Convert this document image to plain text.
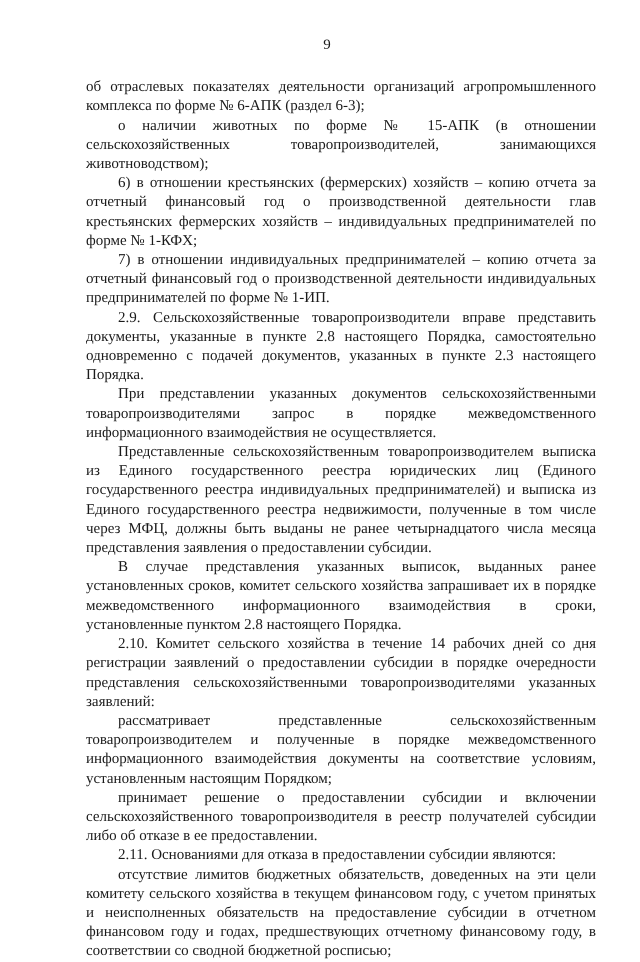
9

об отраслевых показателях деятельности организаций агропромышленного комплекса по форме № 6-АПК (раздел 6-3);

о наличии животных по форме № 15-АПК (в отношении сельскохозяйственных товаропроизводителей, занимающихся животноводством);

6) в отношении крестьянских (фермерских) хозяйств – копию отчета за отчетный финансовый год о производственной деятельности глав крестьянских фермерских хозяйств – индивидуальных предпринимателей по форме № 1-КФХ;

7) в отношении индивидуальных предпринимателей – копию отчета за отчетный финансовый год о производственной деятельности индивидуальных предпринимателей по форме № 1-ИП.

2.9. Сельскохозяйственные товаропроизводители вправе представить документы, указанные в пункте 2.8 настоящего Порядка, самостоятельно одновременно с подачей документов, указанных в пункте 2.3 настоящего Порядка.

При представлении указанных документов сельскохозяйственными товаропроизводителями запрос в порядке межведомственного информационного взаимодействия не осуществляется.

Представленные сельскохозяйственным товаропроизводителем выписка из Единого государственного реестра юридических лиц (Единого государственного реестра индивидуальных предпринимателей) и выписка из Единого государственного реестра недвижимости, полученные в том числе через МФЦ, должны быть выданы не ранее четырнадцатого числа месяца представления заявления о предоставлении субсидии.

В случае представления указанных выписок, выданных ранее установленных сроков, комитет сельского хозяйства запрашивает их в порядке межведомственного информационного взаимодействия в сроки, установленные пунктом 2.8 настоящего Порядка.

2.10. Комитет сельского хозяйства в течение 14 рабочих дней со дня регистрации заявлений о предоставлении субсидии в порядке очередности представления сельскохозяйственными товаропроизводителями указанных заявлений:

рассматривает представленные сельскохозяйственным товаропроизводителем и полученные в порядке межведомственного информационного взаимодействия документы на соответствие условиям, установленным настоящим Порядком;

принимает решение о предоставлении субсидии и включении сельскохозяйственного товаропроизводителя в реестр получателей субсидии либо об отказе в ее предоставлении.

2.11. Основаниями для отказа в предоставлении субсидии являются:

отсутствие лимитов бюджетных обязательств, доведенных на эти цели комитету сельского хозяйства в текущем финансовом году, с учетом принятых и неисполненных обязательств на предоставление субсидии в отчетном финансовом году и годах, предшествующих отчетному финансовому году, в соответствии со сводной бюджетной росписью;
